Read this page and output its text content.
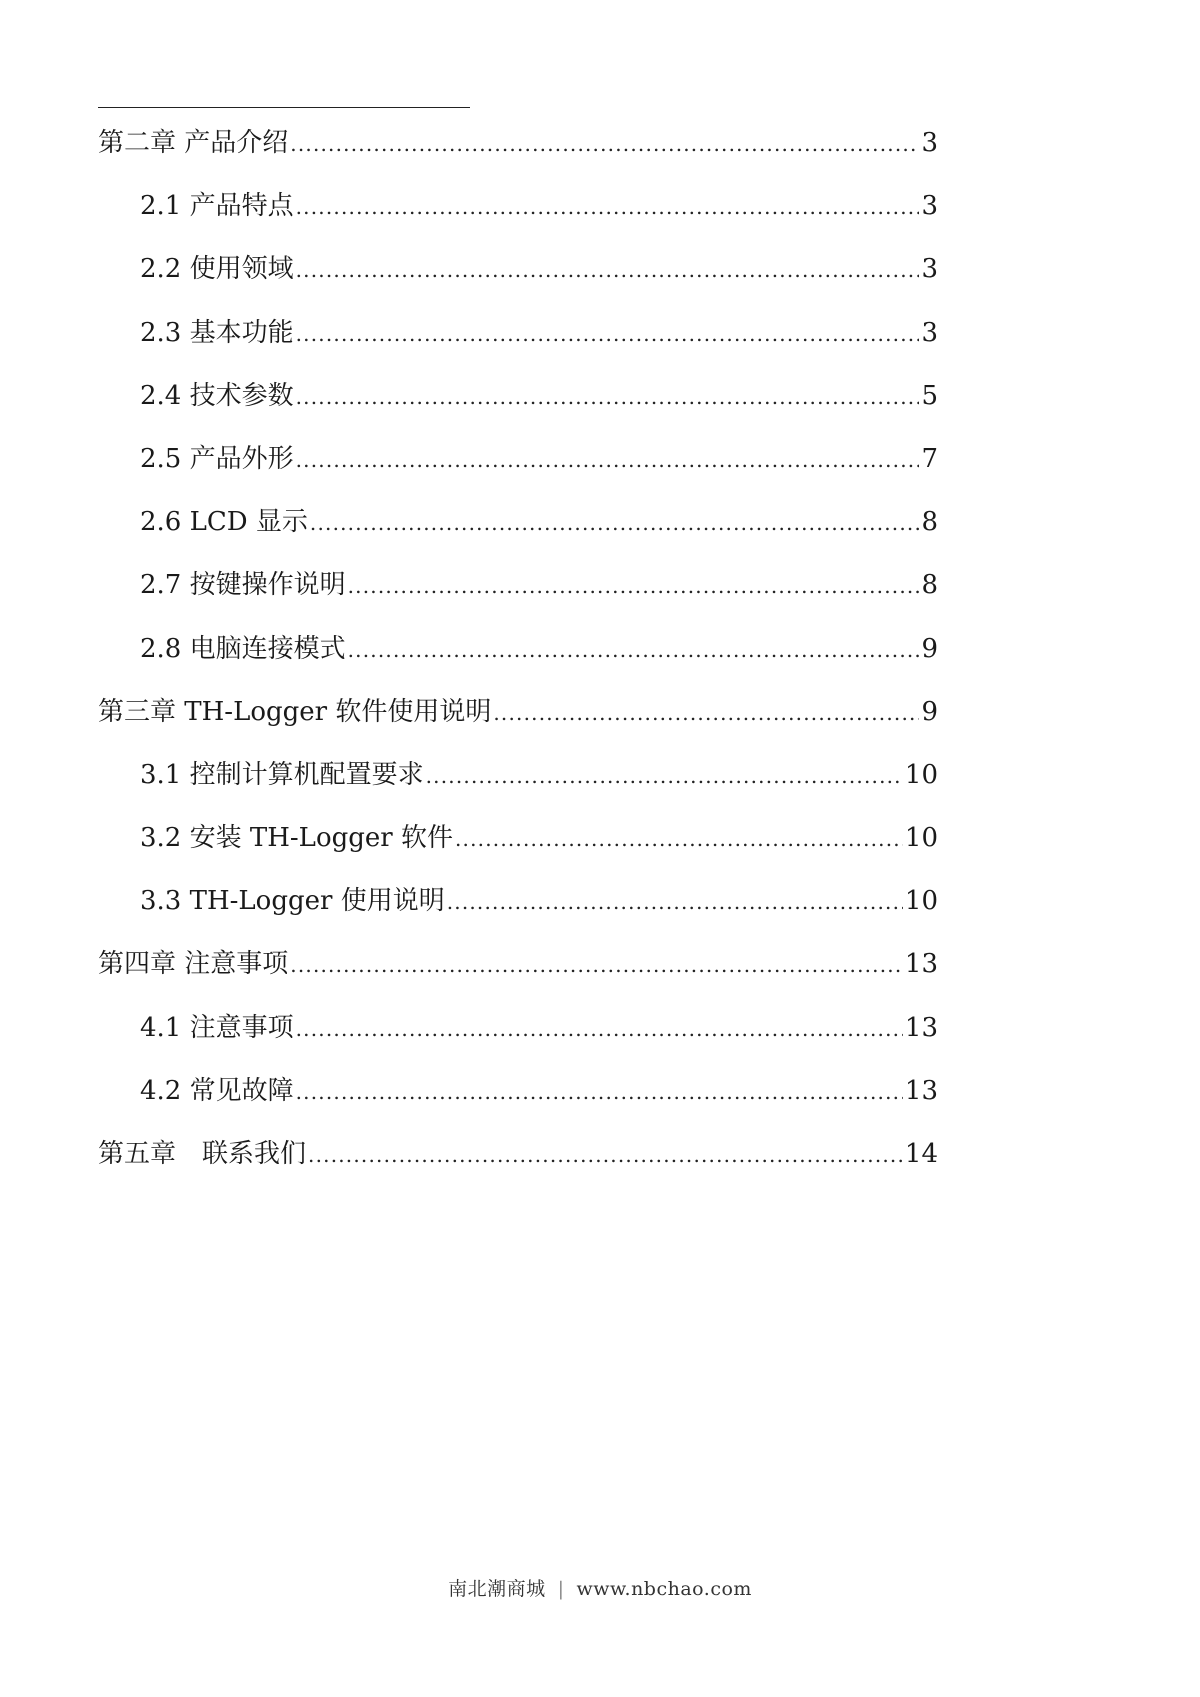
第二章 产品介绍 .....	3
2.1 产品特点 .....	3
2.2 使用领域 .....	3
2.3 基本功能 .....	3
2.4 技术参数 .....	5
2.5 产品外形 .....	7
2.6 LCD 显示 .....	8
2.7 按键操作说明 .....	8
2.8 电脑连接模式 .....	9
第三章 TH-Logger 软件使用说明 .....	9
3.1 控制计算机配置要求 .....	10
3.2 安装 TH-Logger 软件 .....	10
3.3 TH-Logger 使用说明 .....	10
第四章 注意事项 .....	13
4.1 注意事项 .....	13
4.2 常见故障 .....	13
第五章　联系我们 .....	14
南北潮商城 | www.nbchao.com
